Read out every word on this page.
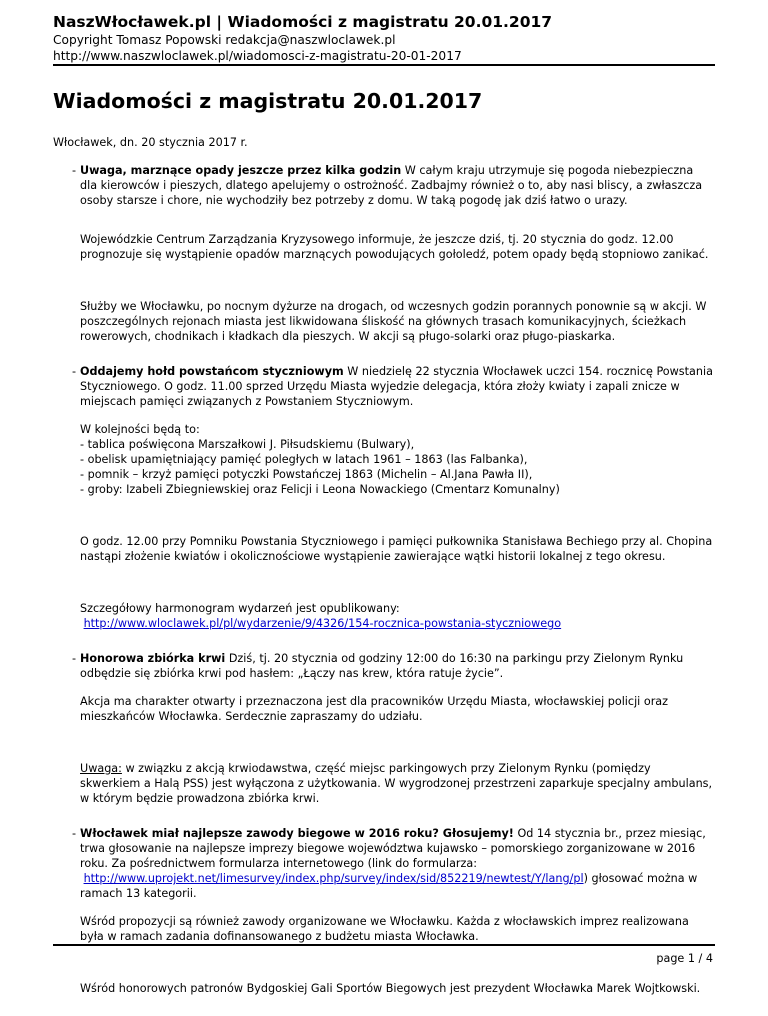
NaszWłocławek.pl | Wiadomości z magistratu 20.01.2017
Copyright Tomasz Popowski redakcja@naszwloclawek.pl
http://www.naszwloclawek.pl/wiadomosci-z-magistratu-20-01-2017
Wiadomości z magistratu 20.01.2017
Włocławek, dn. 20 stycznia 2017 r.
- Uwaga, marznące opady jeszcze przez kilka godzin W całym kraju utrzymuje się pogoda niebezpieczna dla kierowców i pieszych, dlatego apelujemy o ostrożność. Zadbajmy również o to, aby nasi bliscy, a zwłaszcza osoby starsze i chore, nie wychodziły bez potrzeby z domu. W taką pogodę jak dziś łatwo o urazy.

Wojewódzkie Centrum Zarządzania Kryzysowego informuje, że jeszcze dziś, tj. 20 stycznia do godz. 12.00 prognozuje się wystąpienie opadów marznących powodujących gołoledź, potem opady będą stopniowo zanikać.

Służby we Włocławku, po nocnym dyżurze na drogach, od wczesnych godzin porannych ponownie są w akcji. W poszczególnych rejonach miasta jest likwidowana śliskość na głównych trasach komunikacyjnych, ścieżkach rowerowych, chodnikach i kładkach dla pieszych. W akcji są pługo-solarki oraz pługo-piaskarka.

- Oddajemy hołd powstańcom styczniowym W niedzielę 22 stycznia Włocławek uczci 154. rocznicę Powstania Styczniowego. O godz. 11.00 sprzed Urzędu Miasta wyjedzie delegacja, która złoży kwiaty i zapali znicze w miejscach pamięci związanych z Powstaniem Styczniowym.

W kolejności będą to:
- tablica poświęcona Marszałkowi J. Piłsudskiemu (Bulwary),
- obelisk upamiętniający pamięć poległych w latach 1961 – 1863 (las Falbanka),
- pomnik – krzyż pamięci potyczki Powstańczej 1863 (Michelin – Al.Jana Pawła II),
- groby: Izabeli Zbiegniewskiej oraz Felicji i Leona Nowackiego (Cmentarz Komunalny)

O godz. 12.00 przy Pomniku Powstania Styczniowego i pamięci pułkownika Stanisława Bechiego przy al. Chopina nastąpi złożenie kwiatów i okolicznościowe wystąpienie zawierające wątki historii lokalnej z tego okresu.

Szczegółowy harmonogram wydarzeń jest opublikowany:
http://www.wloclawek.pl/pl/wydarzenie/9/4326/154-rocznica-powstania-styczniowego

- Honorowa zbiórka krwi Dziś, tj. 20 stycznia od godziny 12:00 do 16:30 na parkingu przy Zielonym Rynku odbędzie się zbiórka krwi pod hasłem: „Łączy nas krew, która ratuje życie”.

Akcja ma charakter otwarty i przeznaczona jest dla pracowników Urzędu Miasta, włocławskiej policji oraz mieszkańców Włocławka. Serdecznie zapraszamy do udziału.

Uwaga: w związku z akcją krwiodawstwa, część miejsc parkingowych przy Zielonym Rynku (pomiędzy skwerkiem a Halą PSS) jest wyłączona z użytkowania. W wygrodzonej przestrzeni zaparkuje specjalny ambulans, w którym będzie prowadzona zbiórka krwi.

- Włocławek miał najlepsze zawody biegowe w 2016 roku? Głosujemy! Od 14 stycznia br., przez miesiąc, trwa głosowanie na najlepsze imprezy biegowe województwa kujawsko – pomorskiego zorganizowane w 2016 roku. Za pośrednictwem formularza internetowego (link do formularza:
http://www.uprojekt.net/limesurvey/index.php/survey/index/sid/852219/newtest/Y/lang/pl) głosować można w ramach 13 kategorii.

Wśród propozycji są również zawody organizowane we Włocławku. Każda z włocławskich imprez realizowana była w ramach zadania dofinansowanego z budżetu miasta Włocławka.

Wśród honorowych patronów Bydgoskiej Gali Sportów Biegowych jest prezydent Włocławka Marek Wojtkowski.

page 1 / 4
